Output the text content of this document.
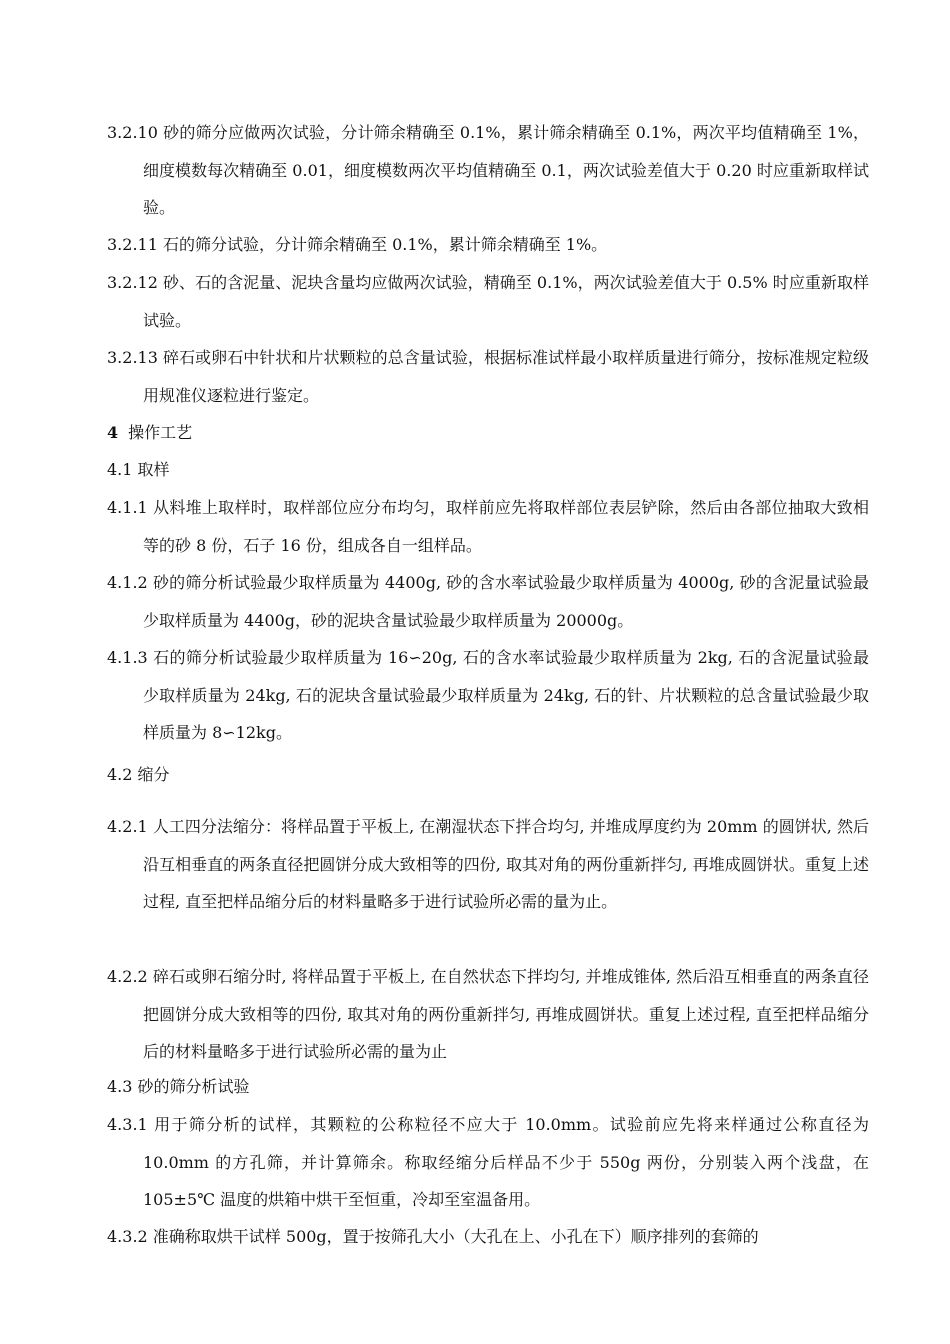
3.2.10 砂的筛分应做两次试验，分计筛余精确至 0.1%，累计筛余精确至 0.1%，两次平均值精确至 1%，细度模数每次精确至 0.01，细度模数两次平均值精确至 0.1，两次试验差值大于 0.20 时应重新取样试验。
3.2.11 石的筛分试验，分计筛余精确至 0.1%，累计筛余精确至 1%。
3.2.12 砂、石的含泥量、泥块含量均应做两次试验，精确至 0.1%，两次试验差值大于 0.5% 时应重新取样试验。
3.2.13 碎石或卵石中针状和片状颗粒的总含量试验，根据标准试样最小取样质量进行筛分，按标准规定粒级用规准仪逐粒进行鉴定。
4 操作工艺
4.1 取样
4.1.1 从料堆上取样时，取样部位应分布均匀，取样前应先将取样部位表层铲除，然后由各部位抽取大致相等的砂 8 份，石子 16 份，组成各自一组样品。
4.1.2 砂的筛分析试验最少取样质量为 4400g, 砂的含水率试验最少取样质量为 4000g, 砂的含泥量试验最少取样质量为 4400g，砂的泥块含量试验最少取样质量为 20000g。
4.1.3 石的筛分析试验最少取样质量为 16∽20g, 石的含水率试验最少取样质量为 2kg, 石的含泥量试验最少取样质量为 24kg, 石的泥块含量试验最少取样质量为 24kg, 石的针、片状颗粒的总含量试验最少取样质量为 8∽12kg。
4.2 缩分
4.2.1 人工四分法缩分：将样品置于平板上, 在潮湿状态下拌合均匀, 并堆成厚度约为 20mm 的圆饼状, 然后沿互相垂直的两条直径把圆饼分成大致相等的四份, 取其对角的两份重新拌匀, 再堆成圆饼状。重复上述过程, 直至把样品缩分后的材料量略多于进行试验所必需的量为止。
4.2.2 碎石或卵石缩分时, 将样品置于平板上, 在自然状态下拌均匀, 并堆成锥体, 然后沿互相垂直的两条直径把圆饼分成大致相等的四份, 取其对角的两份重新拌匀, 再堆成圆饼状。重复上述过程, 直至把样品缩分后的材料量略多于进行试验所必需的量为止
4.3 砂的筛分析试验
4.3.1 用于筛分析的试样，其颗粒的公称粒径不应大于 10.0mm。试验前应先将来样通过公称直径为 10.0mm 的方孔筛，并计算筛余。称取经缩分后样品不少于 550g 两份，分别装入两个浅盘，在 105±5℃ 温度的烘箱中烘干至恒重，冷却至室温备用。
4.3.2 准确称取烘干试样 500g，置于按筛孔大小（大孔在上、小孔在下）顺序排列的套筛的
